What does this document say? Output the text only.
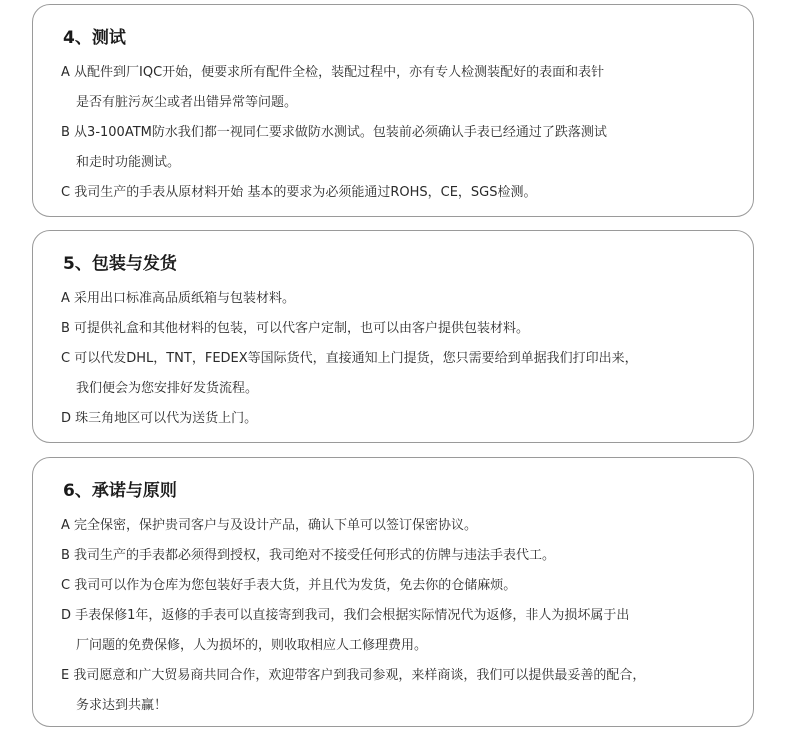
4、测试
A 从配件到厂IQC开始，便要求所有配件全检，装配过程中，亦有专人检测装配好的表面和表针
是否有脏污灰尘或者出错异常等问题。
B 从3-100ATM防水我们都一视同仁要求做防水测试。包装前必须确认手表已经通过了跌落测试
和走时功能测试。
C 我司生产的手表从原材料开始 基本的要求为必须能通过ROHS，CE，SGS检测。
5、包装与发货
A 采用出口标准高品质纸箱与包装材料。
B 可提供礼盒和其他材料的包装，可以代客户定制，也可以由客户提供包装材料。
C 可以代发DHL，TNT，FEDEX等国际货代，直接通知上门提货，您只需要给到单据我们打印出来，
我们便会为您安排好发货流程。
D 珠三角地区可以代为送货上门。
6、承诺与原则
A 完全保密，保护贵司客户与及设计产品，确认下单可以签订保密协议。
B 我司生产的手表都必须得到授权，我司绝对不接受任何形式的仿牌与违法手表代工。
C 我司可以作为仓库为您包装好手表大货，并且代为发货，免去你的仓储麻烦。
D 手表保修1年，返修的手表可以直接寄到我司，我们会根据实际情况代为返修，非人为损坏属于出
厂问题的免费保修，人为损坏的，则收取相应人工修理费用。
E 我司愿意和广大贸易商共同合作，欢迎带客户到我司参观，来样商谈，我们可以提供最妥善的配合，
务求达到共赢！
